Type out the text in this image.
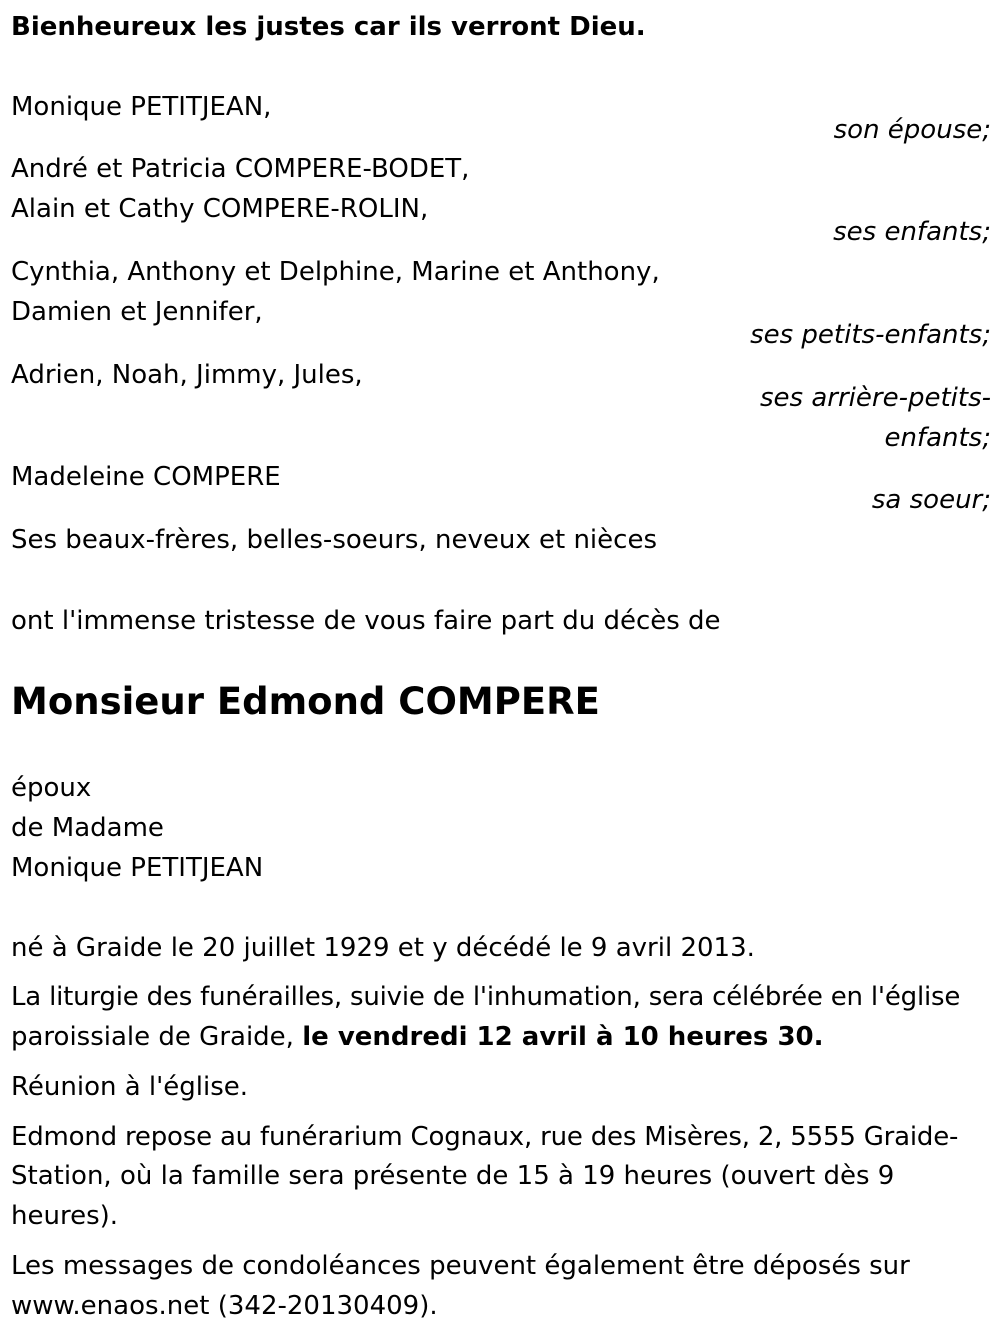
Bienheureux les justes car ils verront Dieu.
Monique PETITJEAN,
son épouse;
André et Patricia COMPERE-BODET,
Alain et Cathy COMPERE-ROLIN,
ses enfants;
Cynthia, Anthony et Delphine, Marine et Anthony,
Damien et Jennifer,
ses petits-enfants;
Adrien, Noah, Jimmy, Jules,
ses arrière-petits-
enfants;
Madeleine COMPERE
sa soeur;
Ses beaux-frères, belles-soeurs, neveux et nièces
ont l'immense tristesse de vous faire part du décès de
Monsieur Edmond COMPERE
époux
de Madame
Monique PETITJEAN
né à Graide le 20 juillet 1929 et y décédé le 9 avril 2013.
La liturgie des funérailles, suivie de l'inhumation, sera célébrée en l'église
paroissiale de Graide, le vendredi 12 avril à 10 heures 30.
Réunion à l'église.
Edmond repose au funérarium Cognaux, rue des Misères, 2, 5555 Graide-
Station, où la famille sera présente de 15 à 19 heures (ouvert dès 9
heures).
Les messages de condoléances peuvent également être déposés sur
www.enaos.net (342-20130409).
